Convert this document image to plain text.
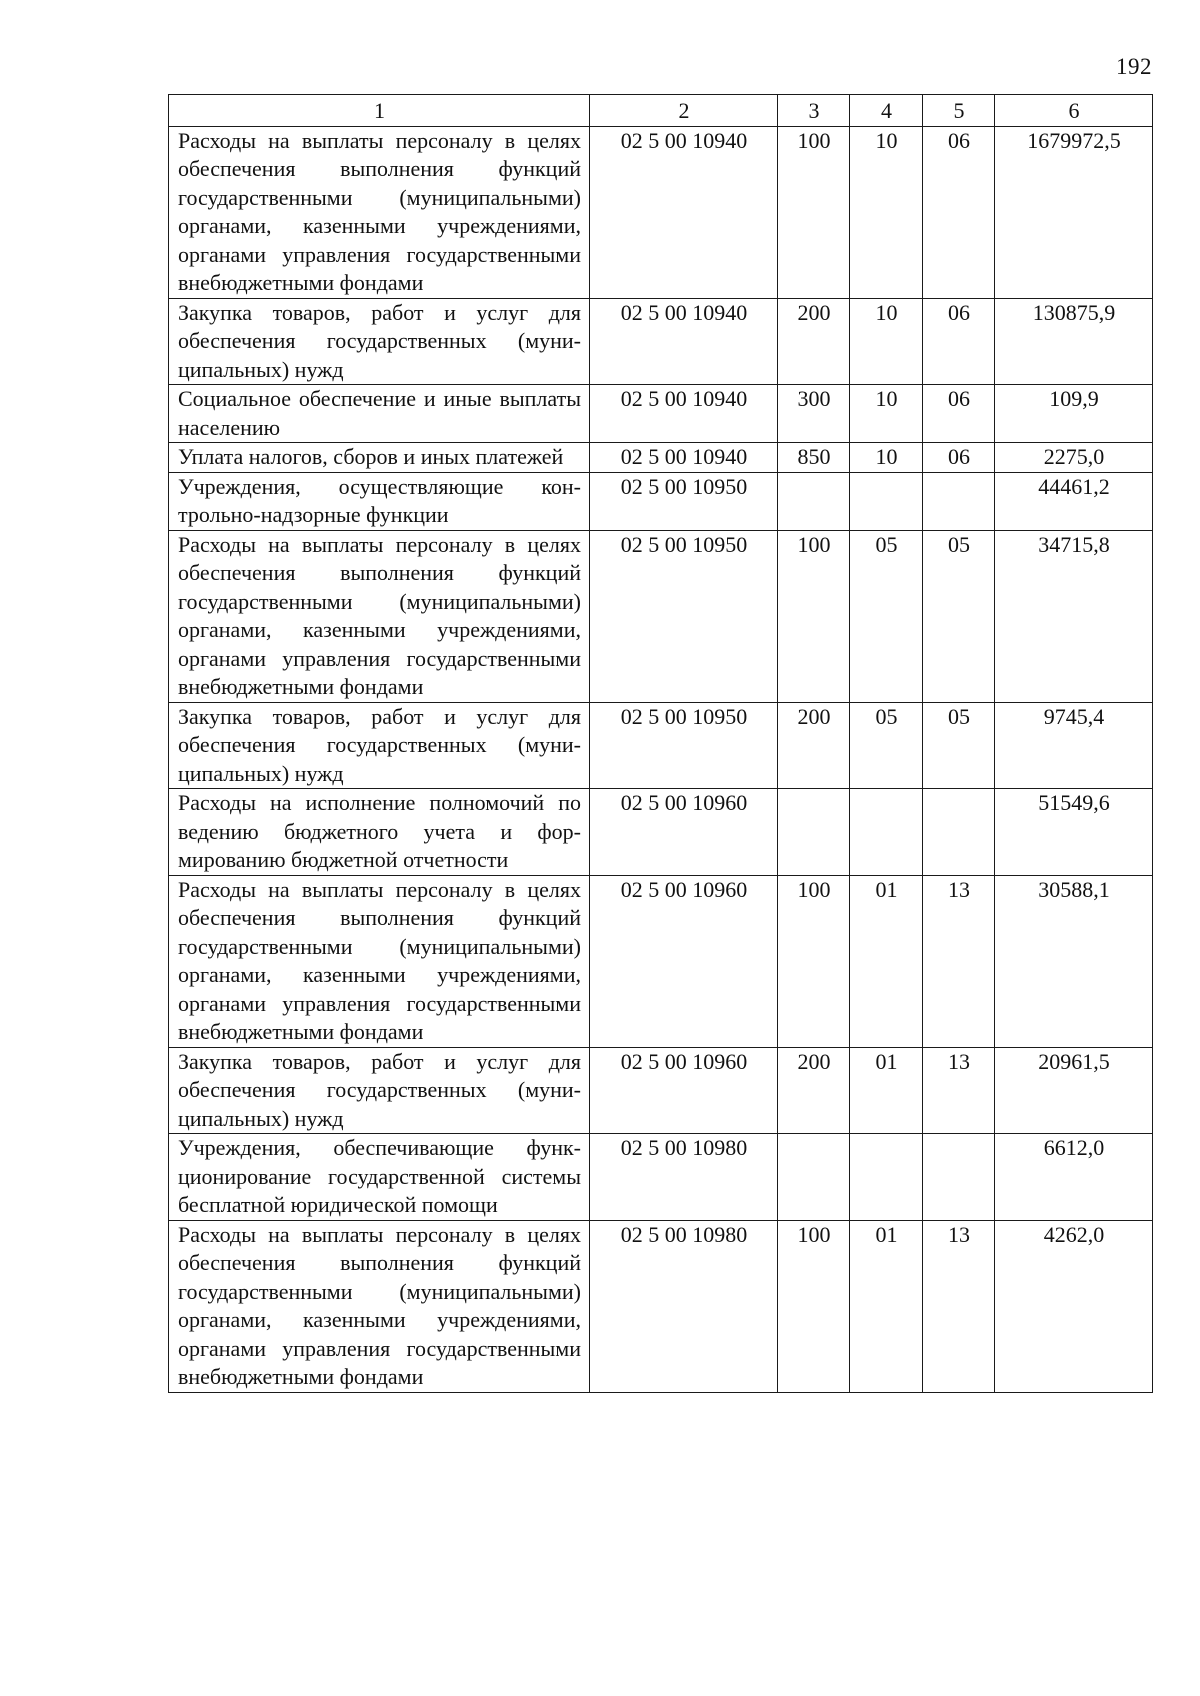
192
1	2	3	4	5	6
Расходы на выплаты персоналу в целях обеспечения выполнения функций государственными (муниципальными) органами, казенными учреждениями, органами управления государственными внебюджетными фондами	02 5 00 10940	100	10	06	1679972,5
Закупка товаров, работ и услуг для обеспечения государственных (муниципальных) нужд	02 5 00 10940	200	10	06	130875,9
Социальное обеспечение и иные выплаты населению	02 5 00 10940	300	10	06	109,9
Уплата налогов, сборов и иных платежей	02 5 00 10940	850	10	06	2275,0
Учреждения, осуществляющие контрольно-надзорные функции	02 5 00 10950				44461,2
Расходы на выплаты персоналу в целях обеспечения выполнения функций государственными (муниципальными) органами, казенными учреждениями, органами управления государственными внебюджетными фондами	02 5 00 10950	100	05	05	34715,8
Закупка товаров, работ и услуг для обеспечения государственных (муниципальных) нужд	02 5 00 10950	200	05	05	9745,4
Расходы на исполнение полномочий по ведению бюджетного учета и формированию бюджетной отчетности	02 5 00 10960				51549,6
Расходы на выплаты персоналу в целях обеспечения выполнения функций государственными (муниципальными) органами, казенными учреждениями, органами управления государственными внебюджетными фондами	02 5 00 10960	100	01	13	30588,1
Закупка товаров, работ и услуг для обеспечения государственных (муниципальных) нужд	02 5 00 10960	200	01	13	20961,5
Учреждения, обеспечивающие функционирование государственной системы бесплатной юридической помощи	02 5 00 10980				6612,0
Расходы на выплаты персоналу в целях обеспечения выполнения функций государственными (муниципальными) органами, казенными учреждениями, органами управления государственными внебюджетными фондами	02 5 00 10980	100	01	13	4262,0
